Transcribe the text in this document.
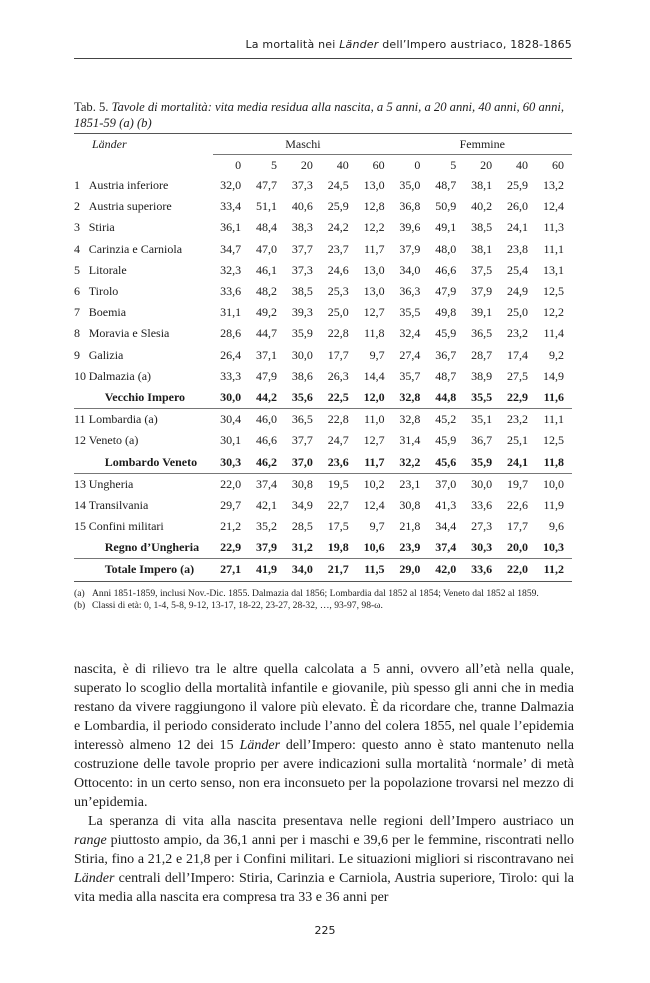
La mortalità nei Länder dell’Impero austriaco, 1828-1865
Tab. 5. Tavole di mortalità: vita media residua alla nascita, a 5 anni, a 20 anni, 40 anni, 60 anni, 1851-59 (a) (b)

Länder		Maschi					Femmine				
		0	5	20	40	60	0	5	20	40	60
1	Austria inferiore	32,0	47,7	37,3	24,5	13,0	35,0	48,7	38,1	25,9	13,2
2	Austria superiore	33,4	51,1	40,6	25,9	12,8	36,8	50,9	40,2	26,0	12,4
3	Stiria	36,1	48,4	38,3	24,2	12,2	39,6	49,1	38,5	24,1	11,3
4	Carinzia e Carniola	34,7	47,0	37,7	23,7	11,7	37,9	48,0	38,1	23,8	11,1
5	Litorale	32,3	46,1	37,3	24,6	13,0	34,0	46,6	37,5	25,4	13,1
6	Tirolo	33,6	48,2	38,5	25,3	13,0	36,3	47,9	37,9	24,9	12,5
7	Boemia	31,1	49,2	39,3	25,0	12,7	35,5	49,8	39,1	25,0	12,2
8	Moravia e Slesia	28,6	44,7	35,9	22,8	11,8	32,4	45,9	36,5	23,2	11,4
9	Galizia	26,4	37,1	30,0	17,7	9,7	27,4	36,7	28,7	17,4	9,2
10	Dalmazia (a)	33,3	47,9	38,6	26,3	14,4	35,7	48,7	38,9	27,5	14,9
	Vecchio Impero	30,0	44,2	35,6	22,5	12,0	32,8	44,8	35,5	22,9	11,6
11	Lombardia (a)	30,4	46,0	36,5	22,8	11,0	32,8	45,2	35,1	23,2	11,1
12	Veneto (a)	30,1	46,6	37,7	24,7	12,7	31,4	45,9	36,7	25,1	12,5
	Lombardo Veneto	30,3	46,2	37,0	23,6	11,7	32,2	45,6	35,9	24,1	11,8
13	Ungheria	22,0	37,4	30,8	19,5	10,2	23,1	37,0	30,0	19,7	10,0
14	Transilvania	29,7	42,1	34,9	22,7	12,4	30,8	41,3	33,6	22,6	11,9
15	Confini militari	21,2	35,2	28,5	17,5	9,7	21,8	34,4	27,3	17,7	9,6
	Regno d’Ungheria	22,9	37,9	31,2	19,8	10,6	23,9	37,4	30,3	20,0	10,3
	Totale Impero (a)	27,1	41,9	34,0	21,7	11,5	29,0	42,0	33,6	22,0	11,2
(a) Anni 1851-1859, inclusi Nov.-Dic. 1855. Dalmazia dal 1856; Lombardia dal 1852 al 1854; Veneto dal 1852 al 1859.
(b) Classi di età: 0, 1-4, 5-8, 9-12, 13-17, 18-22, 23-27, 28-32, …, 93-97, 98-ω.

nascita, è di rilievo tra le altre quella calcolata a 5 anni, ovvero all’età nella quale, superato lo scoglio della mortalità infantile e giovanile, più spesso gli anni che in media restano da vivere raggiungono il valore più elevato. È da ricordare che, tranne Dalmazia e Lombardia, il periodo considerato include l’anno del colera 1855, nel quale l’epidemia interessò almeno 12 dei 15 Länder dell’Impero: questo anno è stato mantenuto nella costruzione delle tavole proprio per avere indicazioni sulla mortalità ‘normale’ di metà Ottocento: in un certo senso, non era inconsueto per la popolazione trovarsi nel mezzo di un’epidemia.

La speranza di vita alla nascita presentava nelle regioni dell’Impero austriaco un range piuttosto ampio, da 36,1 anni per i maschi e 39,6 per le femmine, riscontrati nello Stiria, fino a 21,2 e 21,8 per i Confini militari. Le situazioni migliori si riscontravano nei Länder centrali dell’Impero: Stiria, Carinzia e Carniola, Austria superiore, Tirolo: qui la vita media alla nascita era compresa tra 33 e 36 anni per

225
